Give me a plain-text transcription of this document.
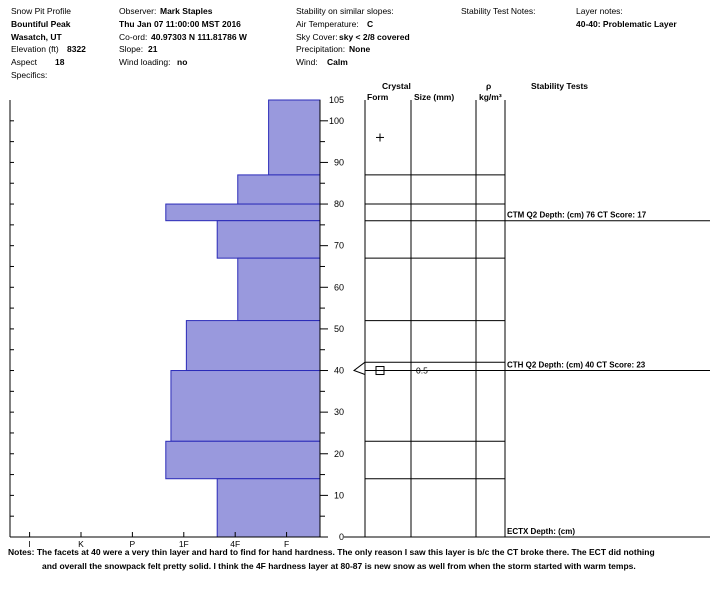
Snow Pit Profile
Bountiful Peak
Wasatch, UT
Elevation (ft) 8322
Aspect 18
Specifics:
Observer: Mark Staples
Thu Jan 07 11:00:00 MST 2016
Co-ord: 40.97303 N 111.81786 W
Slope: 21
Wind loading: no
Stability on similar slopes:
Air Temperature: C
Sky Cover: sky < 2/8 covered
Precipitation: None
Wind: Calm
Stability Test Notes:	Layer notes:
40-40: Problematic Layer
Crystal
Form	Size (mm)
ρ
kg/m³
Stability Tests
0
10
20
30
40
50
60
70
80
90
100
105
I	K	P	1F	4F	F
0.5
CTM Q2 Depth: (cm) 76 CT Score: 17
CTH Q2 Depth: (cm) 40 CT Score: 23
ECTX Depth: (cm)
Notes: The facets at 40 were a very thin layer and hard to find for hand hardness. The only reason I saw this layer is b/c the CT broke there. The ECT did nothing
and overall the snowpack felt pretty solid. I think the 4F hardness layer at 80-87 is new snow as well from when the storm started with warm temps.
